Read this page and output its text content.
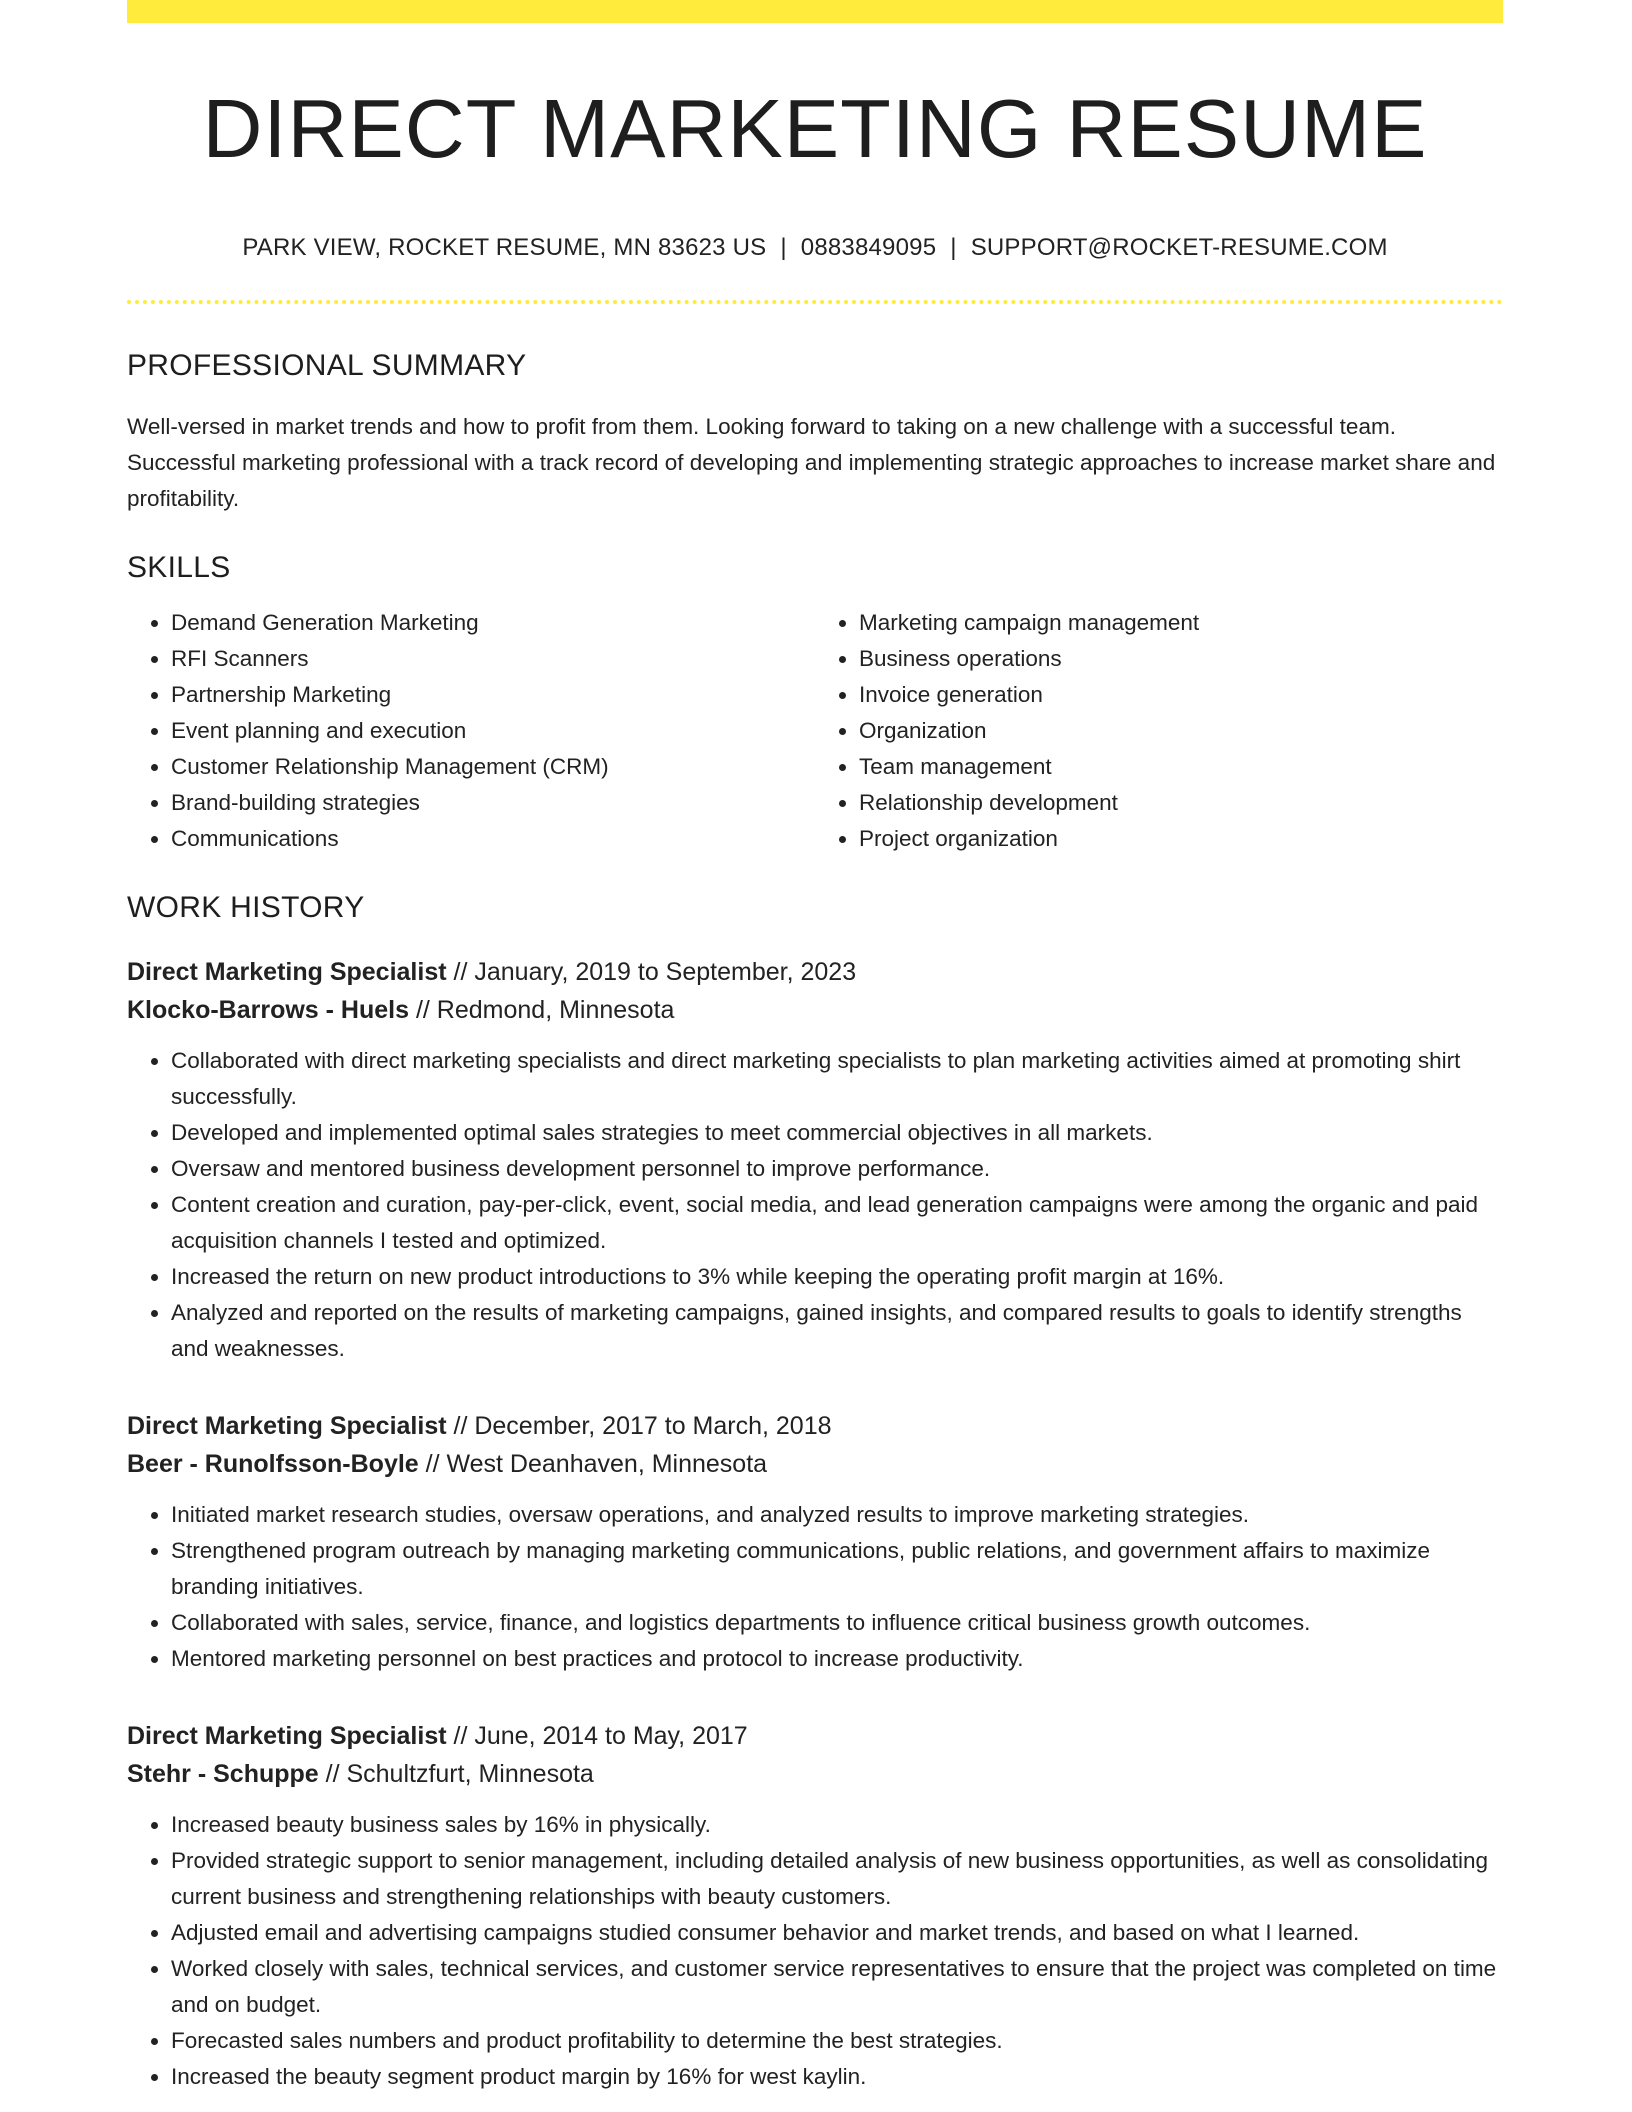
DIRECT MARKETING RESUME
PARK VIEW, ROCKET RESUME, MN 83623 US | 0883849095 | SUPPORT@ROCKET-RESUME.COM
PROFESSIONAL SUMMARY

Well-versed in market trends and how to profit from them. Looking forward to taking on a new challenge with a successful team. Successful marketing professional with a track record of developing and implementing strategic approaches to increase market share and profitability.

SKILLS
• Demand Generation Marketing
• RFI Scanners
• Partnership Marketing
• Event planning and execution
• Customer Relationship Management (CRM)
• Brand-building strategies
• Communications
• Marketing campaign management
• Business operations
• Invoice generation
• Organization
• Team management
• Relationship development
• Project organization
WORK HISTORY
Direct Marketing Specialist // January, 2019 to September, 2023
Klocko-Barrows - Huels // Redmond, Minnesota
• Collaborated with direct marketing specialists and direct marketing specialists to plan marketing activities aimed at promoting shirt successfully.
• Developed and implemented optimal sales strategies to meet commercial objectives in all markets.
• Oversaw and mentored business development personnel to improve performance.
• Content creation and curation, pay-per-click, event, social media, and lead generation campaigns were among the organic and paid acquisition channels I tested and optimized.
• Increased the return on new product introductions to 3% while keeping the operating profit margin at 16%.
• Analyzed and reported on the results of marketing campaigns, gained insights, and compared results to goals to identify strengths and weaknesses.
Direct Marketing Specialist // December, 2017 to March, 2018
Beer - Runolfsson-Boyle // West Deanhaven, Minnesota
• Initiated market research studies, oversaw operations, and analyzed results to improve marketing strategies.
• Strengthened program outreach by managing marketing communications, public relations, and government affairs to maximize branding initiatives.
• Collaborated with sales, service, finance, and logistics departments to influence critical business growth outcomes.
• Mentored marketing personnel on best practices and protocol to increase productivity.
Direct Marketing Specialist // June, 2014 to May, 2017
Stehr - Schuppe // Schultzfurt, Minnesota
• Increased beauty business sales by 16% in physically.
• Provided strategic support to senior management, including detailed analysis of new business opportunities, as well as consolidating current business and strengthening relationships with beauty customers.
• Adjusted email and advertising campaigns studied consumer behavior and market trends, and based on what I learned.
• Worked closely with sales, technical services, and customer service representatives to ensure that the project was completed on time and on budget.
• Forecasted sales numbers and product profitability to determine the best strategies.
• Increased the beauty segment product margin by 16% for west kaylin.
